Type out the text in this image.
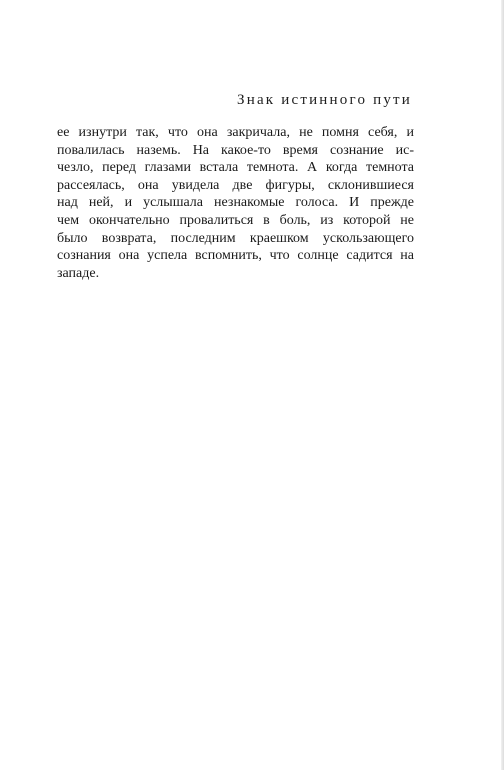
Знак истинного пути
ее изнутри так, что она закричала, не помня себя, и
повалилась наземь. На какое-то время сознание ис-
чезло, перед глазами встала темнота. А когда темнота
рассеялась, она увидела две фигуры, склонившиеся
над ней, и услышала незнакомые голоса. И прежде
чем окончательно провалиться в боль, из которой не
было возврата, последним краешком ускользающего
сознания она успела вспомнить, что солнце садится на
западе.
